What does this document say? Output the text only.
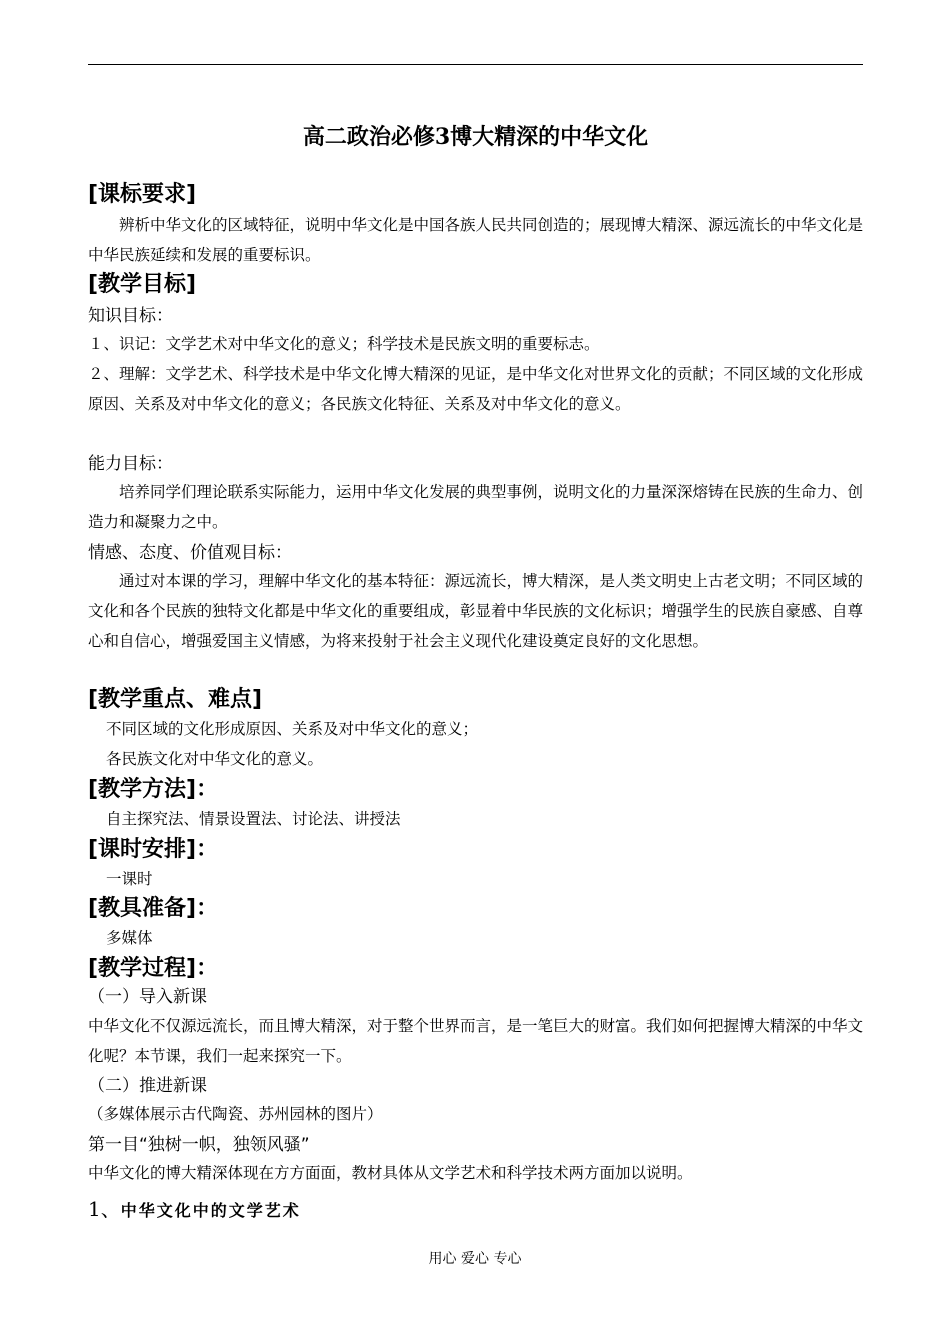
高二政治必修3博大精深的中华文化
[课标要求]
辨析中华文化的区域特征，说明中华文化是中国各族人民共同创造的；展现博大精深、源远流长的中华文化是中华民族延续和发展的重要标识。
[教学目标]
知识目标：
１、识记：文学艺术对中华文化的意义；科学技术是民族文明的重要标志。
２、理解：文学艺术、科学技术是中华文化博大精深的见证，是中华文化对世界文化的贡献；不同区域的文化形成原因、关系及对中华文化的意义；各民族文化特征、关系及对中华文化的意义。
能力目标：
培养同学们理论联系实际能力，运用中华文化发展的典型事例，说明文化的力量深深熔铸在民族的生命力、创造力和凝聚力之中。
情感、态度、价值观目标：
通过对本课的学习，理解中华文化的基本特征：源远流长，博大精深，是人类文明史上古老文明；不同区域的文化和各个民族的独特文化都是中华文化的重要组成，彰显着中华民族的文化标识；增强学生的民族自豪感、自尊心和自信心，增强爱国主义情感，为将来投射于社会主义现代化建设奠定良好的文化思想。
[教学重点、难点]
不同区域的文化形成原因、关系及对中华文化的意义；
各民族文化对中华文化的意义。
[教学方法]：
自主探究法、情景设置法、讨论法、讲授法
[课时安排]：
一课时
[教具准备]：
多媒体
[教学过程]：
（一）导入新课
中华文化不仅源远流长，而且博大精深，对于整个世界而言，是一笔巨大的财富。我们如何把握博大精深的中华文化呢？本节课，我们一起来探究一下。
（二）推进新课
（多媒体展示古代陶瓷、苏州园林的图片）
第一目“独树一帜，独领风骚”
中华文化的博大精深体现在方方面面，教材具体从文学艺术和科学技术两方面加以说明。
1、中华文化中的文学艺术
用心 爱心 专心
